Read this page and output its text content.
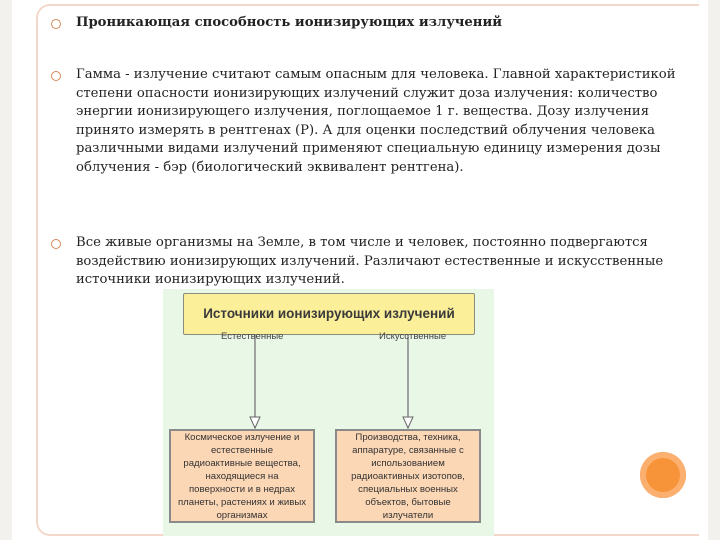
Проникающая способность ионизирующих излучений
Гамма - излучение считают самым опасным для человека. Главной характеристикой степени опасности ионизирующих излучений служит доза излучения: количество энергии ионизирующего излучения, поглощаемое 1 г. вещества. Дозу излучения принято измерять в рентгенах (Р). А для оценки последствий облучения человека различными видами излучений применяют специальную единицу измерения дозы облучения - бэр (биологический эквивалент рентгена).
Все живые организмы на Земле, в том числе и человек, постоянно подвергаются воздействию ионизирующих излучений. Различают естественные и искусственные источники ионизирующих излучений.
Источники ионизирующих излучений
Естественные	Искусственные
Космическое излучение и естественные радиоактивные вещества, находящиеся на поверхности и в недрах планеты, растениях и живых организмах
Производства, техника, аппаратуре, связанные с использованием радиоактивных изотопов, специальных военных объектов, бытовые излучатели
